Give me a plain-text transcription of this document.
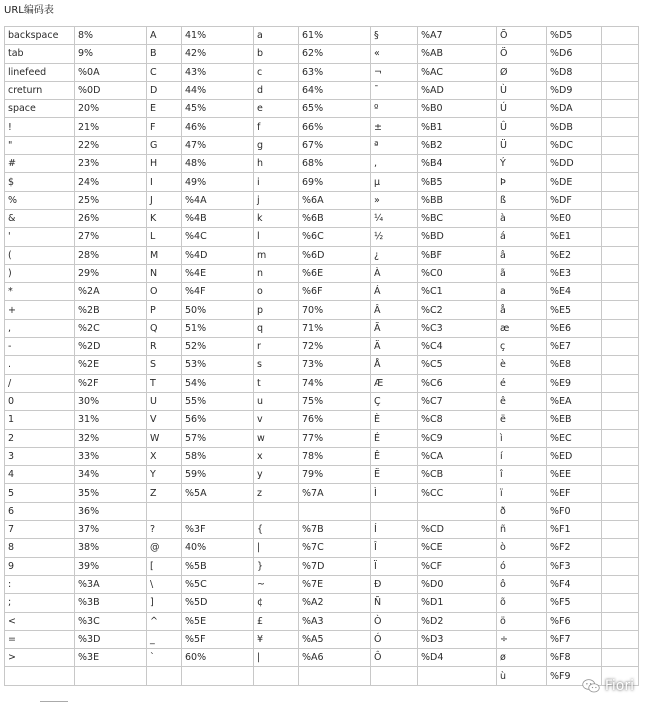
URL编码表
backspace	8%	A	41%	a	61%	§	%A7	Õ	%D5	
tab	9%	B	42%	b	62%	«	%AB	Ö	%D6	
linefeed	%0A	C	43%	c	63%	¬	%AC	Ø	%D8	
creturn	%0D	D	44%	d	64%	¯	%AD	Ù	%D9	
space	20%	E	45%	e	65%	º	%B0	Ú	%DA	
!	21%	F	46%	f	66%	±	%B1	Û	%DB	
"	22%	G	47%	g	67%	ª	%B2	Ü	%DC	
#	23%	H	48%	h	68%	,	%B4	Ý	%DD	
$	24%	I	49%	i	69%	µ	%B5	Þ	%DE	
%	25%	J	%4A	j	%6A	»	%BB	ß	%DF	
&	26%	K	%4B	k	%6B	¼	%BC	à	%E0	
'	27%	L	%4C	l	%6C	½	%BD	á	%E1	
(	28%	M	%4D	m	%6D	¿	%BF	â	%E2	
)	29%	N	%4E	n	%6E	À	%C0	ã	%E3	
*	%2A	O	%4F	o	%6F	Á	%C1	a	%E4	
+	%2B	P	50%	p	70%	Â	%C2	å	%E5	
,	%2C	Q	51%	q	71%	Ã	%C3	æ	%E6	
-	%2D	R	52%	r	72%	Ä	%C4	ç	%E7	
.	%2E	S	53%	s	73%	Å	%C5	è	%E8	
/	%2F	T	54%	t	74%	Æ	%C6	é	%E9	
0	30%	U	55%	u	75%	Ç	%C7	ê	%EA	
1	31%	V	56%	v	76%	È	%C8	ë	%EB	
2	32%	W	57%	w	77%	É	%C9	ì	%EC	
3	33%	X	58%	x	78%	Ê	%CA	í	%ED	
4	34%	Y	59%	y	79%	Ë	%CB	î	%EE	
5	35%	Z	%5A	z	%7A	Ì	%CC	ï	%EF	
6	36%							ð	%F0	
7	37%	?	%3F	{	%7B	Í	%CD	ñ	%F1	
8	38%	@	40%	|	%7C	Î	%CE	ò	%F2	
9	39%	[	%5B	}	%7D	Ï	%CF	ó	%F3	
:	%3A	\	%5C	~	%7E	Ð	%D0	ô	%F4	
;	%3B	]	%5D	¢	%A2	Ñ	%D1	õ	%F5	
<	%3C	^	%5E	£	%A3	Ò	%D2	ö	%F6	
=	%3D	_	%5F	¥	%A5	Ó	%D3	÷	%F7	
>	%3E	`	60%	|	%A6	Ô	%D4	ø	%F8	
								ù	%F9	
Fiori
